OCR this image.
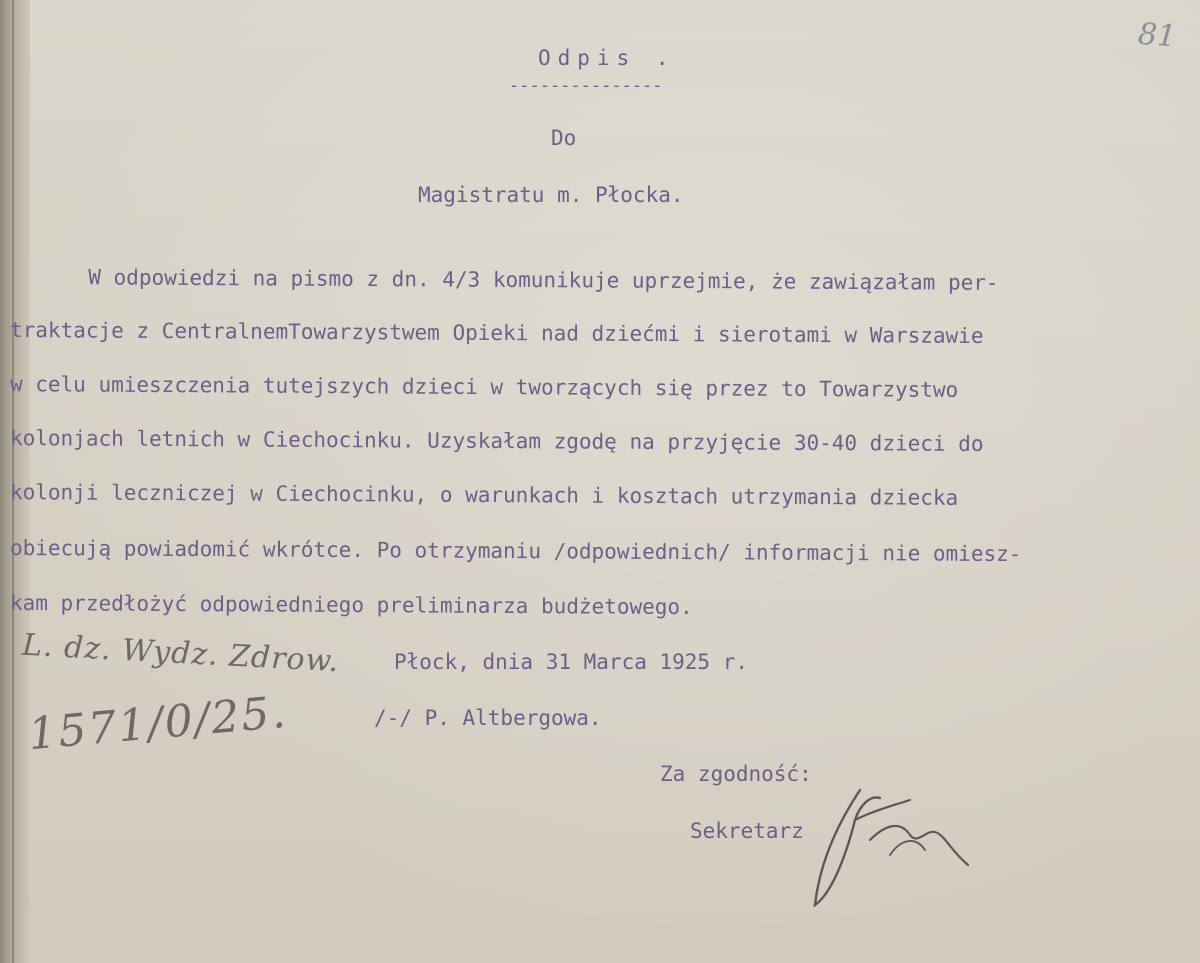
81

Odpis .

---------------

Do

Magistratu m. Płocka.

W odpowiedzi na pismo z dn. 4/3 komunikuje uprzejmie, że zawiązałam per-

traktacje z CentralnemTowarzystwem Opieki nad dziećmi i sierotami w Warszawie

w celu umieszczenia tutejszych dzieci w tworzących się przez to Towarzystwo

kolonjach letnich w Ciechocinku. Uzyskałam zgodę na przyjęcie 30-40 dzieci do

kolonji leczniczej w Ciechocinku, o warunkach i kosztach utrzymania dziecka

obiecują powiadomić wkrótce. Po otrzymaniu /odpowiednich/ informacji nie omiesz-

kam przedłożyć odpowiedniego preliminarza budżetowego.

Płock, dnia 31 Marca 1925 r.

/-/ P. Altbergowa.

Za zgodność:

Sekretarz

L. dz. Wydz. Zdrow.
1571/0/25.
